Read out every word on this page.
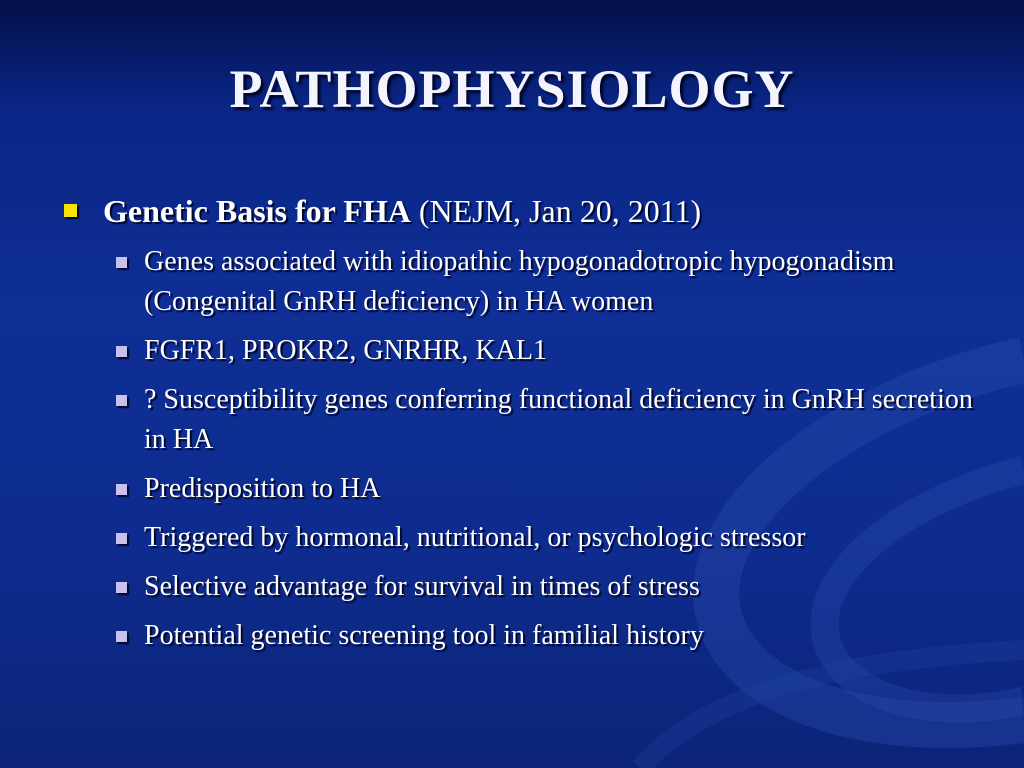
PATHOPHYSIOLOGY
Genetic Basis for FHA (NEJM, Jan 20, 2011)
Genes associated with idiopathic hypogonadotropic hypogonadism (Congenital GnRH deficiency) in HA women
FGFR1, PROKR2, GNRHR, KAL1
? Susceptibility genes conferring functional deficiency in GnRH secretion in HA
Predisposition to HA
Triggered by hormonal, nutritional, or psychologic stressor
Selective advantage for survival in times of stress
Potential genetic screening tool in familial history
